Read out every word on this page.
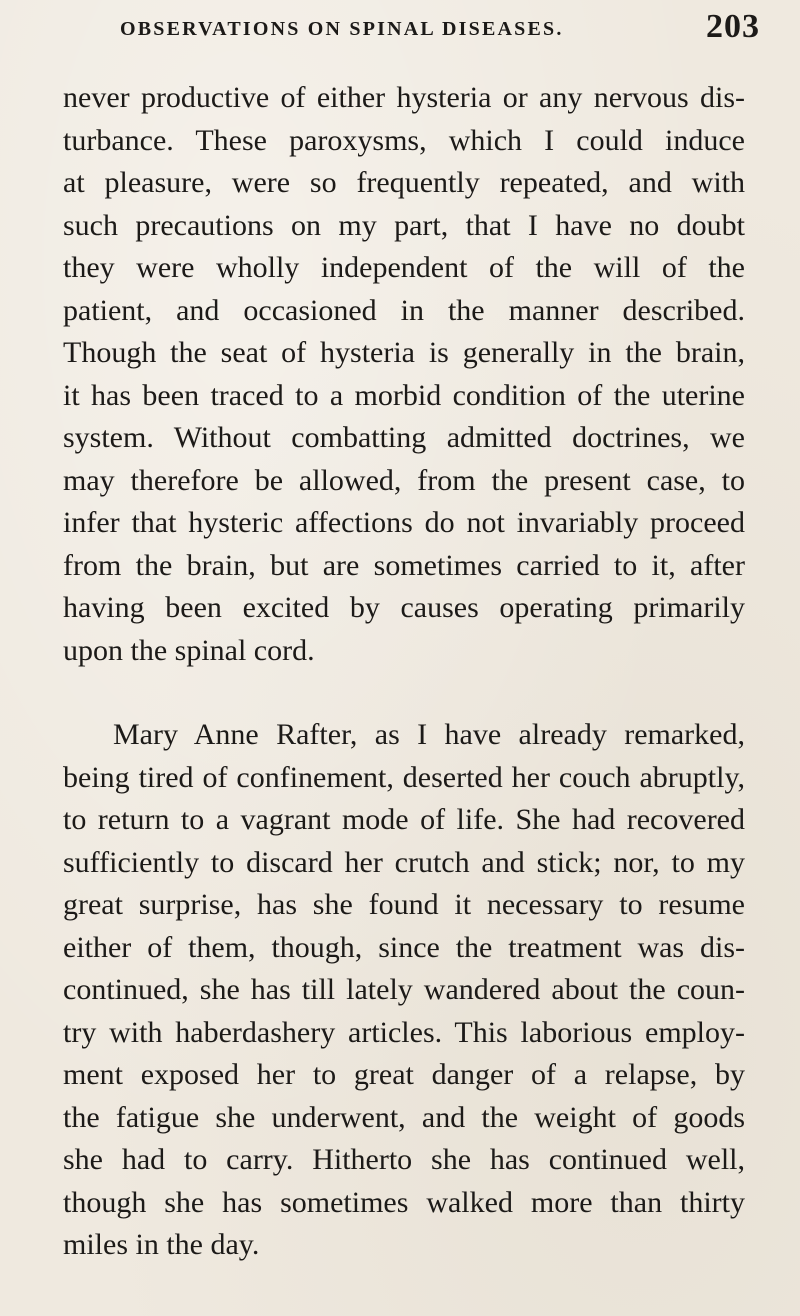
OBSERVATIONS ON SPINAL DISEASES.	203
never productive of either hysteria or any nervous dis-
turbance. These paroxysms, which I could induce
at pleasure, were so frequently repeated, and with
such precautions on my part, that I have no doubt
they were wholly independent of the will of the
patient, and occasioned in the manner described.
Though the seat of hysteria is generally in the brain,
it has been traced to a morbid condition of the uterine
system. Without combatting admitted doctrines, we
may therefore be allowed, from the present case, to
infer that hysteric affections do not invariably proceed
from the brain, but are sometimes carried to it, after
having been excited by causes operating primarily
upon the spinal cord.
Mary Anne Rafter, as I have already remarked,
being tired of confinement, deserted her couch abruptly,
to return to a vagrant mode of life. She had recovered
sufficiently to discard her crutch and stick; nor, to my
great surprise, has she found it necessary to resume
either of them, though, since the treatment was dis-
continued, she has till lately wandered about the coun-
try with haberdashery articles. This laborious employ-
ment exposed her to great danger of a relapse, by
the fatigue she underwent, and the weight of goods
she had to carry. Hitherto she has continued well,
though she has sometimes walked more than thirty
miles in the day.
